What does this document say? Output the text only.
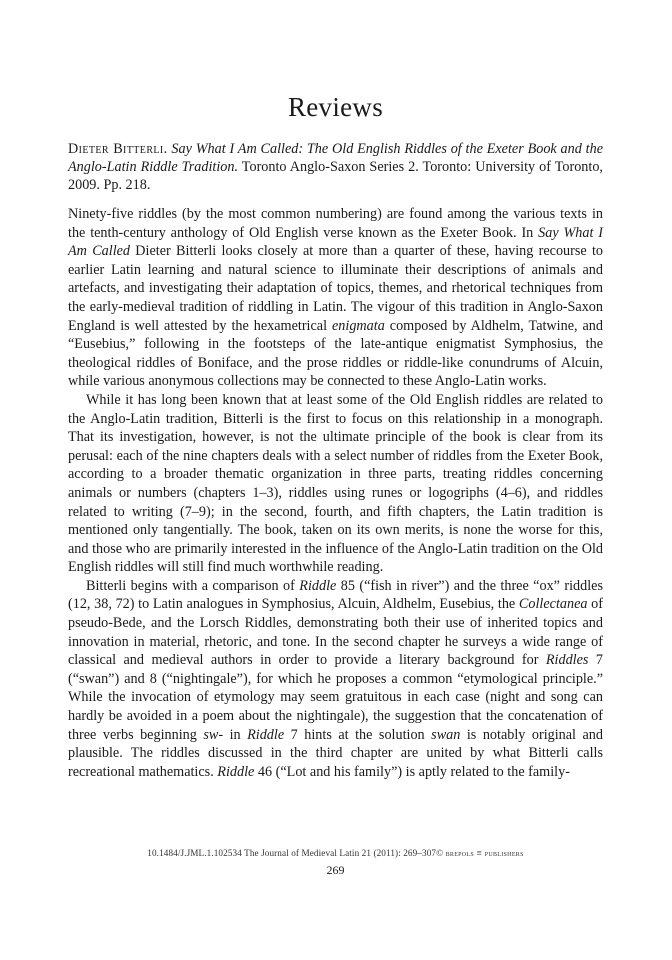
Reviews
Dieter Bitterli. Say What I Am Called: The Old English Riddles of the Exeter Book and the Anglo-Latin Riddle Tradition. Toronto Anglo-Saxon Series 2. Toronto: University of Toronto, 2009. Pp. 218.

Ninety-five riddles (by the most common numbering) are found among the various texts in the tenth-century anthology of Old English verse known as the Exeter Book. In Say What I Am Called Dieter Bitterli looks closely at more than a quarter of these, having recourse to earlier Latin learning and natural science to illuminate their descriptions of animals and artefacts, and investigating their adaptation of topics, themes, and rhetorical techniques from the early-medieval tradition of riddling in Latin. The vigour of this tradition in Anglo-Saxon England is well attested by the hexametrical enigmata composed by Aldhelm, Tatwine, and “Eusebius,” following in the footsteps of the late-antique enigmatist Symphosius, the theological riddles of Boniface, and the prose riddles or riddle-like conundrums of Alcuin, while various anonymous collections may be connected to these Anglo-Latin works.

While it has long been known that at least some of the Old English riddles are related to the Anglo-Latin tradition, Bitterli is the first to focus on this relationship in a monograph. That its investigation, however, is not the ultimate principle of the book is clear from its perusal: each of the nine chapters deals with a select number of riddles from the Exeter Book, according to a broader thematic organization in three parts, treating riddles concerning animals or numbers (chapters 1–3), riddles using runes or logogriphs (4–6), and riddles related to writing (7–9); in the second, fourth, and fifth chapters, the Latin tradition is mentioned only tangentially. The book, taken on its own merits, is none the worse for this, and those who are primarily interested in the influence of the Anglo-Latin tradition on the Old English riddles will still find much worthwhile reading.

Bitterli begins with a comparison of Riddle 85 (“fish in river”) and the three “ox” riddles (12, 38, 72) to Latin analogues in Symphosius, Alcuin, Aldhelm, Eusebius, the Collectanea of pseudo-Bede, and the Lorsch Riddles, demonstrating both their use of inherited topics and innovation in material, rhetoric, and tone. In the second chapter he surveys a wide range of classical and medieval authors in order to provide a literary background for Riddles 7 (“swan”) and 8 (“nightingale”), for which he proposes a common “etymological principle.” While the invocation of etymology may seem gratuitous in each case (night and song can hardly be avoided in a poem about the nightingale), the suggestion that the concatenation of three verbs beginning sw- in Riddle 7 hints at the solution swan is notably original and plausible. The riddles discussed in the third chapter are united by what Bitterli calls recreational mathematics. Riddle 46 (“Lot and his family”) is aptly related to the family-

10.1484/J.JML.1.102534 The Journal of Medieval Latin 21 (2011): 269–307© brepols ≡ publishers
269
